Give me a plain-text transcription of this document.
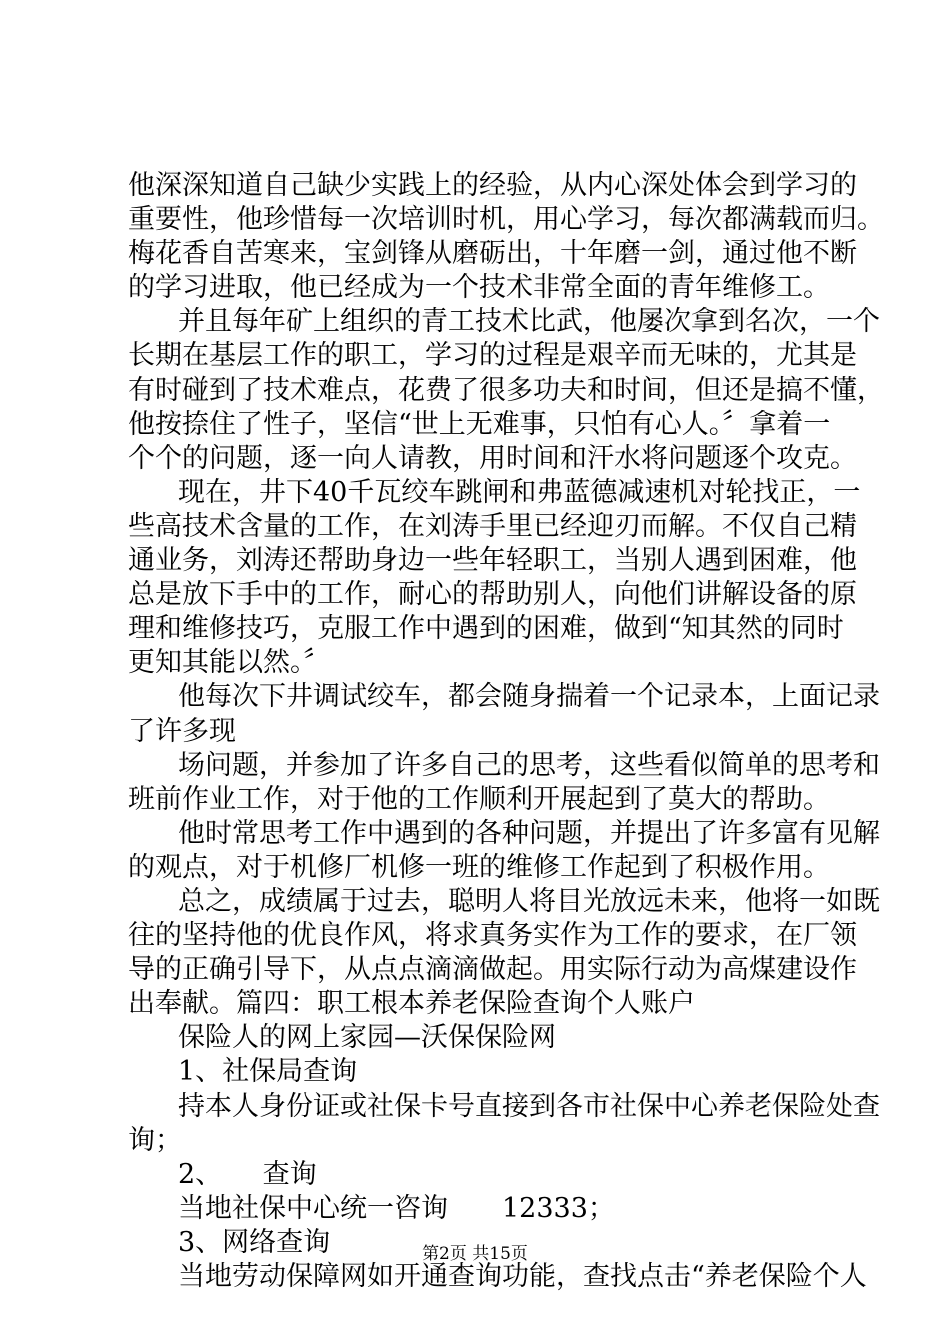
他深深知道自己缺少实践上的经验，从内心深处体会到学习的
重要性，他珍惜每一次培训时机，用心学习，每次都满载而归。
梅花香自苦寒来，宝剑锋从磨砺出，十年磨一剑，通过他不断
的学习进取，他已经成为一个技术非常全面的青年维修工。
并且每年矿上组织的青工技术比武，他屡次拿到名次，一个
长期在基层工作的职工，学习的过程是艰辛而无味的，尤其是
有时碰到了技术难点，花费了很多功夫和时间，但还是搞不懂，
他按捺住了性子，坚信“世上无难事，只怕有心人。〞拿着一
个个的问题，逐一向人请教，用时间和汗水将问题逐个攻克。
现在，井下40千瓦绞车跳闸和弗蓝德减速机对轮找正，一
些高技术含量的工作，在刘涛手里已经迎刃而解。不仅自己精
通业务，刘涛还帮助身边一些年轻职工，当别人遇到困难，他
总是放下手中的工作，耐心的帮助别人，向他们讲解设备的原
理和维修技巧，克服工作中遇到的困难，做到“知其然的同时
更知其能以然。〞
他每次下井调试绞车，都会随身揣着一个记录本，上面记录
了许多现
场问题，并参加了许多自己的思考，这些看似简单的思考和
班前作业工作，对于他的工作顺利开展起到了莫大的帮助。
他时常思考工作中遇到的各种问题，并提出了许多富有见解
的观点，对于机修厂机修一班的维修工作起到了积极作用。
总之，成绩属于过去，聪明人将目光放远未来，他将一如既
往的坚持他的优良作风，将求真务实作为工作的要求，在厂领
导的正确引导下，从点点滴滴做起。用实际行动为高煤建设作
出奉献。篇四：职工根本养老保险查询个人账户
保险人的网上家园—沃保保险网
1、社保局查询
持本人身份证或社保卡号直接到各市社保中心养老保险处查
询；
2、　　查询
当地社保中心统一咨询　　12333；
3、网络查询
当地劳动保障网如开通查询功能，查找点击“养老保险个人
第2页 共15页
